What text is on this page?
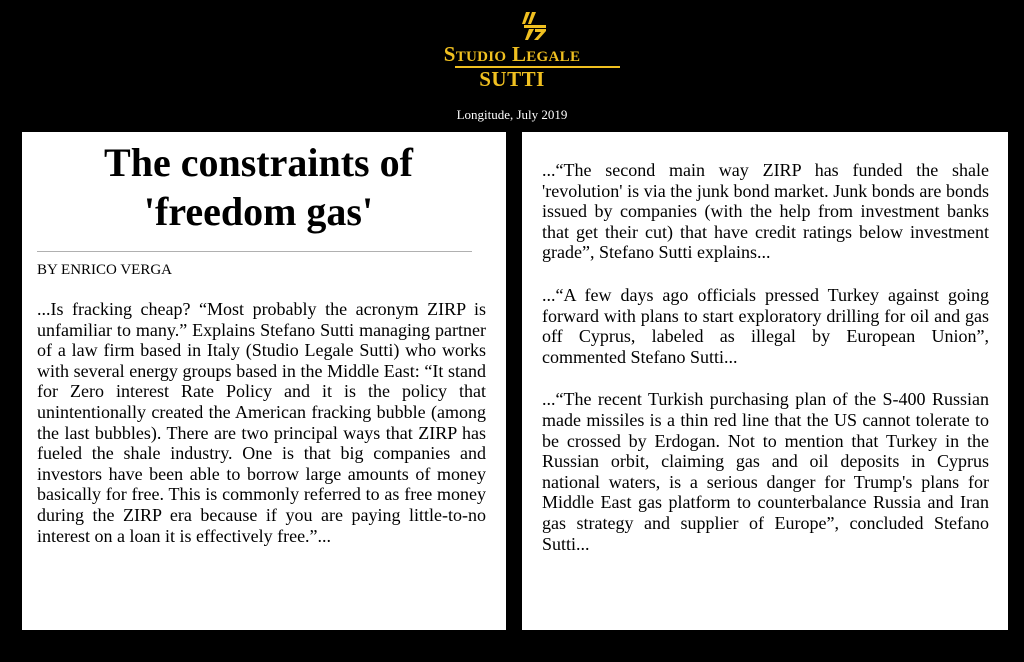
Studio Legale
SUTTI
Longitude, July 2019
The constraints of
'freedom gas'
BY ENRICO VERGA

...Is fracking cheap? “Most probably the acronym ZIRP is unfamiliar to many.” Explains Stefano Sutti managing partner of a law firm based in Italy (Studio Legale Sutti) who works with several energy groups based in the Middle East: “It stand for Zero interest Rate Policy and it is the policy that unintentionally created the American fracking bubble (among the last bubbles). There are two principal ways that ZIRP has fueled the shale industry. One is that big companies and investors have been able to borrow large amounts of money basically for free. This is commonly referred to as free money during the ZIRP era because if you are paying little-to-no interest on a loan it is effectively free.”...

...“The second main way ZIRP has funded the shale 'revolution' is via the junk bond market. Junk bonds are bonds issued by companies (with the help from investment banks that get their cut) that have credit ratings below investment grade”, Stefano Sutti explains...

...“A few days ago officials pressed Turkey against going forward with plans to start exploratory drilling for oil and gas off Cyprus, labeled as illegal by European Union”, commented Stefano Sutti...

...“The recent Turkish purchasing plan of the S-400 Russian made missiles is a thin red line that the US cannot tolerate to be crossed by Erdogan. Not to mention that Turkey in the Russian orbit, claiming gas and oil deposits in Cyprus national waters, is a serious danger for Trump's plans for Middle East gas platform to counterbalance Russia and Iran gas strategy and supplier of Europe”, concluded Stefano Sutti...
